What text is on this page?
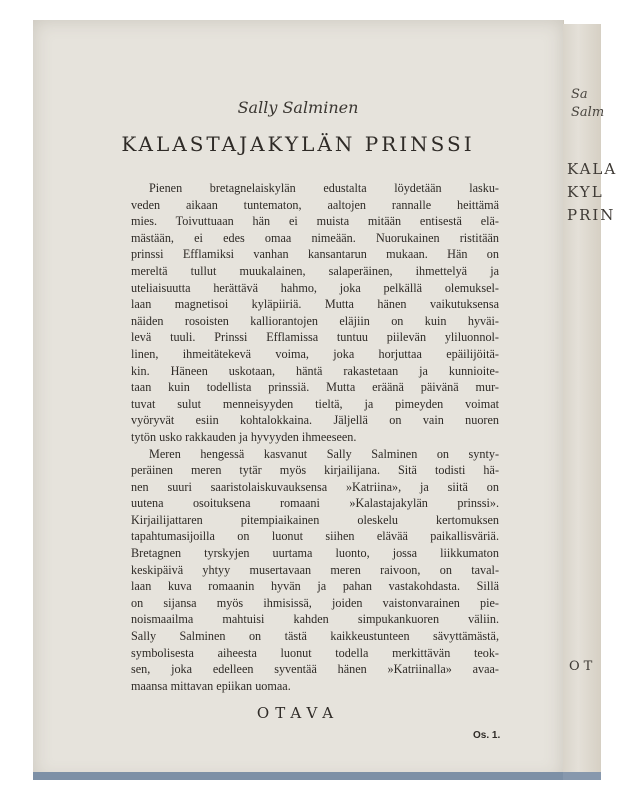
Sally Salminen
KALASTAJAKYLÄN PRINSSI

Pienen bretagnelaiskylän edustalta löydetään lasku-
veden aikaan tuntematon, aaltojen rannalle heittämä
mies. Toivuttuaan hän ei muista mitään entisestä elä-
mästään, ei edes omaa nimeään. Nuorukainen ristitään
prinssi Efflamiksi vanhan kansantarun mukaan. Hän on
mereltä tullut muukalainen, salaperäinen, ihmettelyä ja
uteliaisuutta herättävä hahmo, joka pelkällä olemuksel-
laan magnetisoi kyläpiiriä. Mutta hänen vaikutuksensa
näiden rosoisten kalliorantojen eläjiin on kuin hyväi-
levä tuuli. Prinssi Efflamissa tuntuu piilevän yliluonnol-
linen, ihmeitätekevä voima, joka horjuttaa epäilijöitä-
kin. Häneen uskotaan, häntä rakastetaan ja kunnioite-
taan kuin todellista prinssiä. Mutta eräänä päivänä mur-
tuvat sulut menneisyyden tieltä, ja pimeyden voimat
vyöryvät esiin kohtalokkaina. Jäljellä on vain nuoren
tytön usko rakkauden ja hyvyyden ihmeeseen.

Meren hengessä kasvanut Sally Salminen on synty-
peräinen meren tytär myös kirjailijana. Sitä todisti hä-
nen suuri saaristolaiskuvauksensa »Katriina», ja siitä on
uutena osoituksena romaani »Kalastajakylän prinssi».
Kirjailijattaren pitempiaikainen oleskelu kertomuksen
tapahtumasijoilla on luonut siihen elävää paikallisväriä.
Bretagnen tyrskyjen uurtama luonto, jossa liikkumaton
keskipäivä yhtyy musertavaan meren raivoon, on taval-
laan kuva romaanin hyvän ja pahan vastakohdasta. Sillä
on sijansa myös ihmisissä, joiden vaistonvarainen pie-
noismaailma mahtuisi kahden simpukankuoren väliin.
Sally Salminen on tästä kaikkeustunteen sävyttämästä,
symbolisesta aiheesta luonut todella merkittävän teok-
sen, joka edelleen syventää hänen »Katriinalla» avaa-
maansa mittavan epiikan uomaa.

OTAVA
Os. 1.
Sa
Salm
KALA
KYL
PRIN
OT
